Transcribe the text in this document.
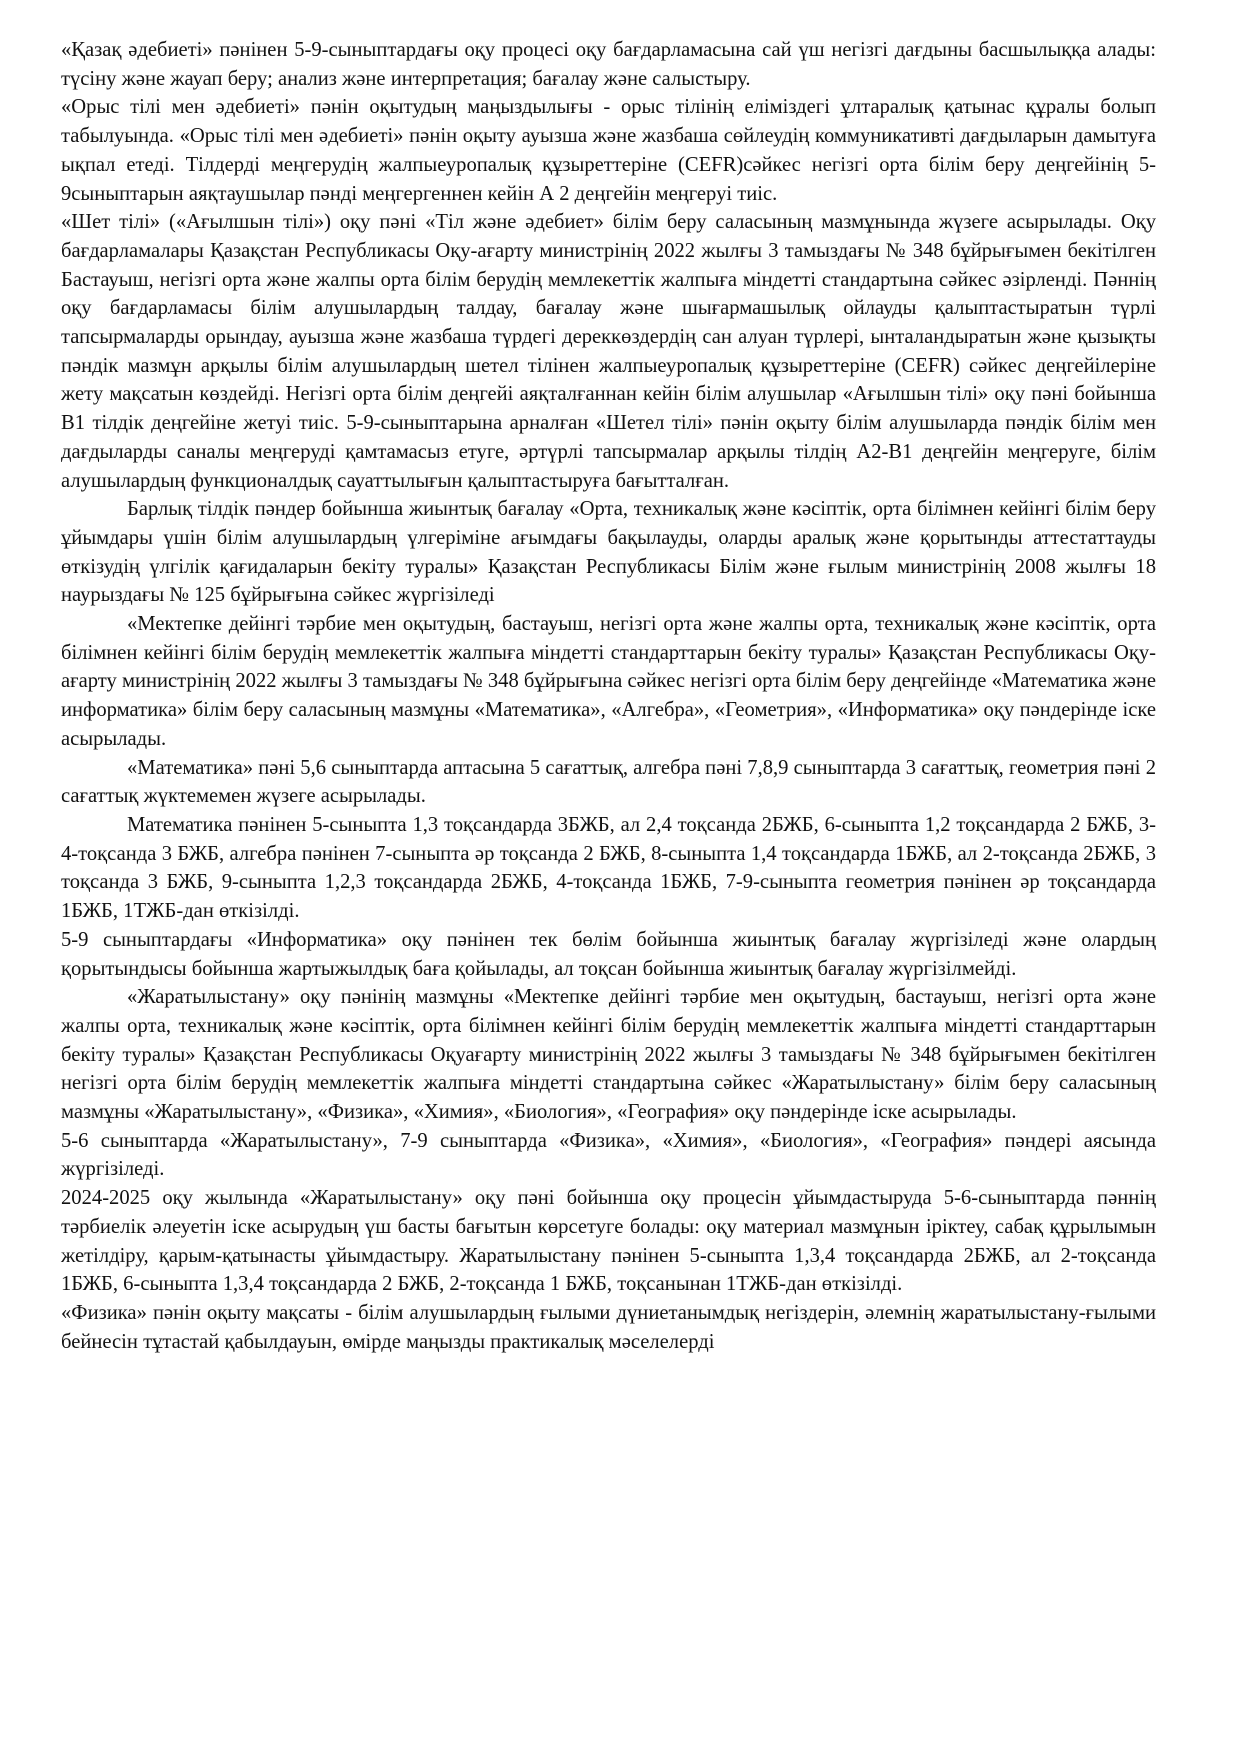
«Қазақ әдебиеті» пәнінен 5-9-сыныптардағы оқу процесі оқу бағдарламасына сай үш негізгі дағдыны басшылыққа алады: түсіну және жауап беру; анализ және интерпретация; бағалау және салыстыру.

«Орыс тілі мен әдебиеті» пәнін оқытудың маңыздылығы - орыс тілінің еліміздегі ұлтаралық қатынас құралы болып табылуында. «Орыс тілі мен әдебиеті» пәнін оқыту ауызша және жазбаша сөйлеудің коммуникативті дағдыларын дамытуға ықпал етеді. Тілдерді меңгерудің жалпыеуропалық құзыреттеріне (CEFR)сәйкес негізгі орта білім беру деңгейінің 5-9сыныптарын аяқтаушылар пәнді меңгергеннен кейін А 2 деңгейін меңгеруі тиіс.

«Шет тілі» («Ағылшын тілі») оқу пәні «Тіл және әдебиет» білім беру саласының мазмұнында жүзеге асырылады. Оқу бағдарламалары Қазақстан Республикасы Оқу-ағарту министрінің 2022 жылғы 3 тамыздағы № 348 бұйрығымен бекітілген Бастауыш, негізгі орта және жалпы орта білім берудің мемлекеттік жалпыға міндетті стандартына сәйкес әзірленді. Пәннің оқу бағдарламасы білім алушылардың талдау, бағалау және шығармашылық ойлауды қалыптастыратын түрлі тапсырмаларды орындау, ауызша және жазбаша түрдегі дереккөздердің сан алуан түрлері, ынталандыратын және қызықты пәндік мазмұн арқылы білім алушылардың шетел тілінен жалпыеуропалық құзыреттеріне (CEFR) сәйкес деңгейілеріне жету мақсатын көздейді. Негізгі орта білім деңгейі аяқталғаннан кейін білім алушылар «Ағылшын тілі» оқу пәні бойынша В1 тілдік деңгейіне жетуі тиіс. 5-9-сыныптарына арналған «Шетел тілі» пәнін оқыту білім алушыларда пәндік білім мен дағдыларды саналы меңгеруді қамтамасыз етуге, әртүрлі тапсырмалар арқылы тілдің А2-В1 деңгейін меңгеруге, білім алушылардың функционалдық сауаттылығын қалыптастыруға бағытталған.

Барлық тілдік пәндер бойынша жиынтық бағалау «Орта, техникалық және кәсіптік, орта білімнен кейінгі білім беру ұйымдары үшін білім алушылардың үлгеріміне ағымдағы бақылауды, оларды аралық және қорытынды аттестаттауды өткізудің үлгілік қағидаларын бекіту туралы» Қазақстан Республикасы Білім және ғылым министрінің 2008 жылғы 18 наурыздағы № 125 бұйрығына сәйкес жүргізіледі

«Мектепке дейінгі тәрбие мен оқытудың, бастауыш, негізгі орта және жалпы орта, техникалық және кәсіптік, орта білімнен кейінгі білім берудің мемлекеттік жалпыға міндетті стандарттарын бекіту туралы» Қазақстан Республикасы Оқу-ағарту министрінің 2022 жылғы 3 тамыздағы № 348 бұйрығына сәйкес негізгі орта білім беру деңгейінде «Математика және информатика» білім беру саласының мазмұны «Математика», «Алгебра», «Геометрия», «Информатика» оқу пәндерінде іске асырылады.

«Математика» пәні 5,6 сыныптарда аптасына 5 сағаттық, алгебра пәні 7,8,9 сыныптарда 3 сағаттық, геометрия пәні 2 сағаттық жүктемемен жүзеге асырылады.

Математика пәнінен 5-сыныпта 1,3 тоқсандарда 3БЖБ, ал 2,4 тоқсанда 2БЖБ, 6-сыныпта 1,2 тоқсандарда 2 БЖБ, 3-4-тоқсанда 3 БЖБ, алгебра пәнінен 7-сыныпта әр тоқсанда 2 БЖБ, 8-сыныпта 1,4 тоқсандарда 1БЖБ, ал 2-тоқсанда 2БЖБ, 3 тоқсанда 3 БЖБ, 9-сыныпта 1,2,3 тоқсандарда 2БЖБ, 4-тоқсанда 1БЖБ, 7-9-сыныпта геометрия пәнінен әр тоқсандарда 1БЖБ, 1ТЖБ-дан өткізілді.

5-9 сыныптардағы «Информатика» оқу пәнінен тек бөлім бойынша жиынтық бағалау жүргізіледі және олардың қорытындысы бойынша жартыжылдық баға қойылады, ал тоқсан бойынша жиынтық бағалау жүргізілмейді.

«Жаратылыстану» оқу пәнінің мазмұны «Мектепке дейінгі тәрбие мен оқытудың, бастауыш, негізгі орта және жалпы орта, техникалық және кәсіптік, орта білімнен кейінгі білім берудің мемлекеттік жалпыға міндетті стандарттарын бекіту туралы» Қазақстан Республикасы Оқуағарту министрінің 2022 жылғы 3 тамыздағы № 348 бұйрығымен бекітілген негізгі орта білім берудің мемлекеттік жалпыға міндетті стандартына сәйкес «Жаратылыстану» білім беру саласының мазмұны «Жаратылыстану», «Физика», «Химия», «Биология», «География» оқу пәндерінде іске асырылады.

5-6 сыныптарда «Жаратылыстану», 7-9 сыныптарда «Физика», «Химия», «Биология», «География» пәндері аясында жүргізіледі.

2024-2025 оқу жылында «Жаратылыстану» оқу пәні бойынша оқу процесін ұйымдастыруда 5-6-сыныптарда пәннің тәрбиелік әлеуетін іске асырудың үш басты бағытын көрсетуге болады: оқу материал мазмұнын іріктеу, сабақ құрылымын жетілдіру, қарым-қатынасты ұйымдастыру. Жаратылыстану пәнінен 5-сыныпта 1,3,4 тоқсандарда 2БЖБ, ал 2-тоқсанда 1БЖБ, 6-сыныпта 1,3,4 тоқсандарда 2 БЖБ, 2-тоқсанда 1 БЖБ, тоқсанынан 1ТЖБ-дан өткізілді.

«Физика» пәнін оқыту мақсаты - білім алушылардың ғылыми дүниетанымдық негіздерін, әлемнің жаратылыстану-ғылыми бейнесін тұтастай қабылдауын, өмірде маңызды практикалық мәселелерді
